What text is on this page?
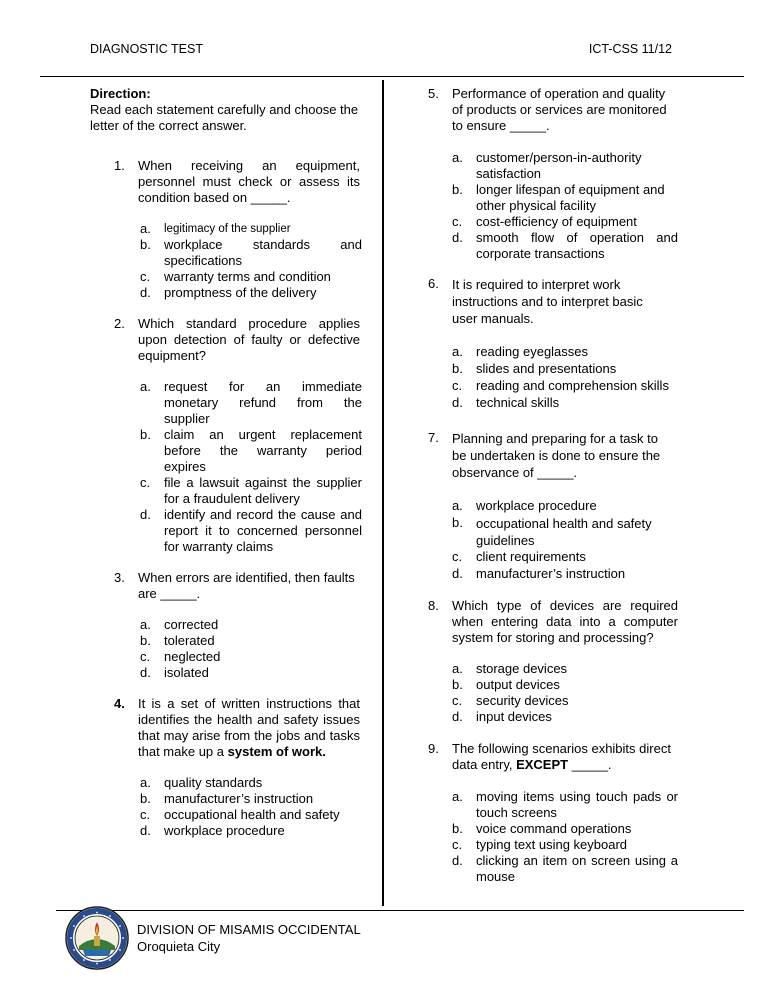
DIAGNOSTIC TEST	ICT-CSS 11/12
Direction:
Read each statement carefully and choose the
letter of the correct answer.
1.	When receiving an equipment,
personnel must check or assess its
condition based on _____.
a.	legitimacy of the supplier
b.	workplace standards and
specifications
c.	warranty terms and condition
d.	promptness of the delivery
2.	Which standard procedure applies
upon detection of faulty or defective
equipment?
a.	request for an immediate
monetary refund from the
supplier
b.	claim an urgent replacement
before the warranty period
expires
c.	file a lawsuit against the supplier
for a fraudulent delivery
d.	identify and record the cause and
report it to concerned personnel
for warranty claims
3.	When errors are identified, then faults
are _____.
a.	corrected
b.	tolerated
c.	neglected
d.	isolated
4.	It is a set of written instructions that
identifies the health and safety issues
that may arise from the jobs and tasks
that make up a system of work.
a.	quality standards
b.	manufacturer’s instruction
c.	occupational health and safety
d.	workplace procedure
5.	Performance of operation and quality
of products or services are monitored
to ensure _____.
a.	customer/person-in-authority
satisfaction
b.	longer lifespan of equipment and
other physical facility
c.	cost-efficiency of equipment
d.	smooth flow of operation and
corporate transactions
6.	It is required to interpret work
instructions and to interpret basic
user manuals.
a.	reading eyeglasses
b.	slides and presentations
c.	reading and comprehension skills
d.	technical skills
7.	Planning and preparing for a task to
be undertaken is done to ensure the
observance of _____.
a.	workplace procedure
b.	occupational health and safety
guidelines
c.	client requirements
d.	manufacturer’s instruction
8.	Which type of devices are required
when entering data into a computer
system for storing and processing?
a.	storage devices
b.	output devices
c.	security devices
d.	input devices
9.	The following scenarios exhibits direct
data entry, EXCEPT _____.
a.	moving items using touch pads or
touch screens
b.	voice command operations
c.	typing text using keyboard
d.	clicking an item on screen using a
mouse
DIVISION OF MISAMIS OCCIDENTAL
Oroquieta City
